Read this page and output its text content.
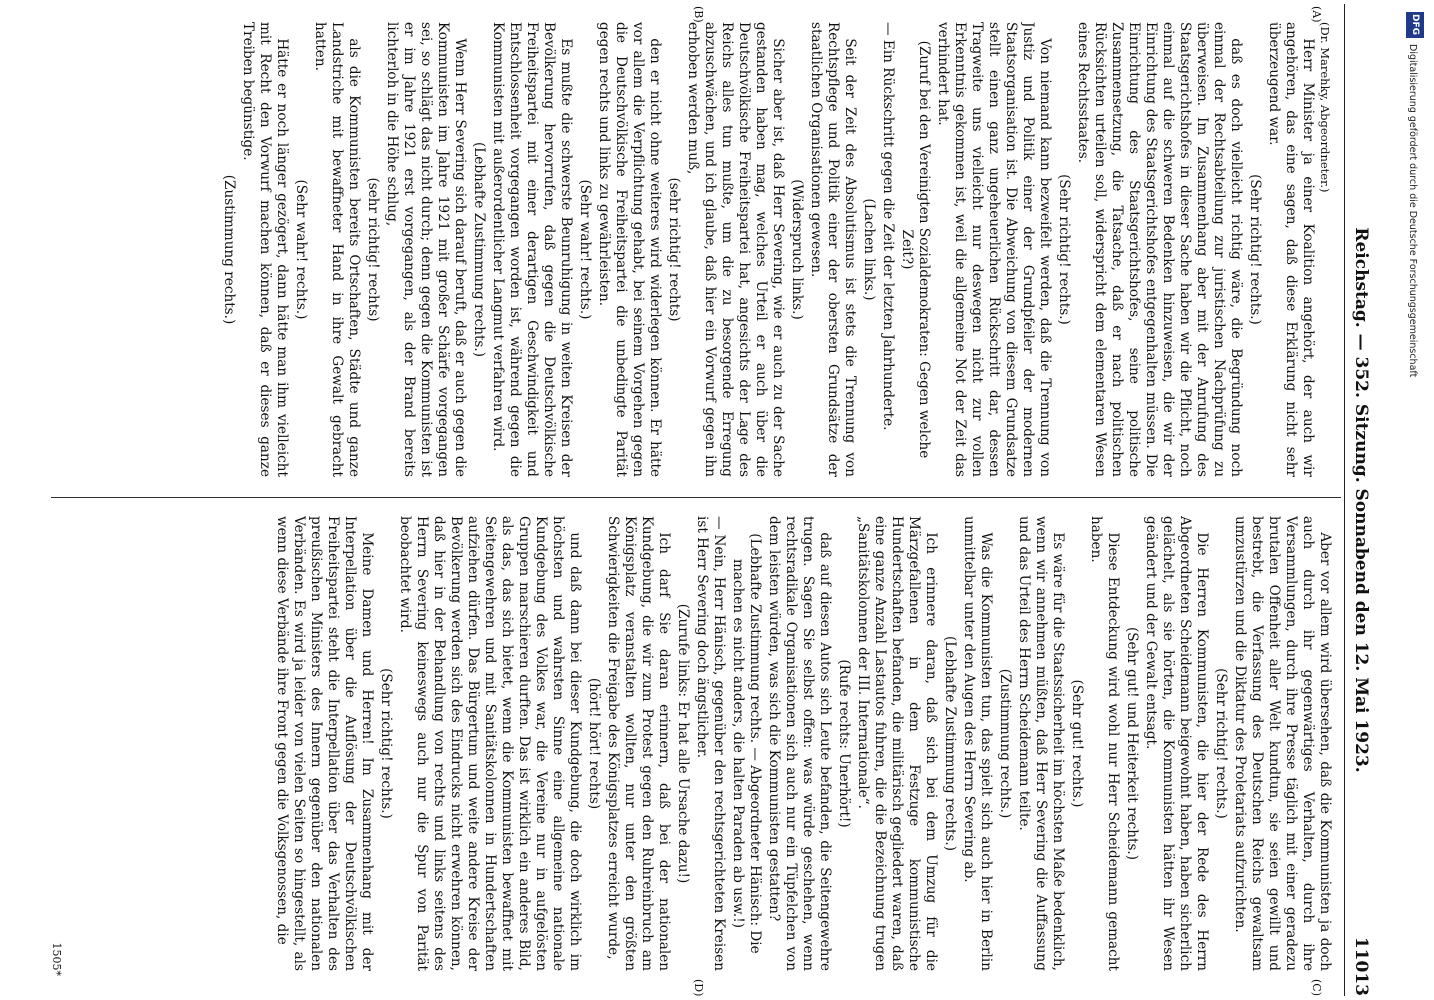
DFG
Digitalisierung gefördert durch die Deutsche Forschungsgemeinschaft
Reichstag. — 352. Sitzung. Sonnabend den 12. Mai 1923.
11013
(A)
(B)
(C)
(D)
(Dr. Marehky, Abgeordneter.)

Herr Minister ja einer Koalition angehört, der auch wir angehören, das eine sagen, daß diese Erklärung nicht sehr überzeugend war.

(Sehr richtig! rechts.)

daß es doch vielleicht richtig wäre, die Begründung noch einmal der Rechtsabteilung zur juristischen Nachprüfung zu überweisen. Im Zusammenhang aber mit der Anrufung des Staatsgerichtshofes in dieser Sache haben wir die Pflicht, noch einmal auf die schweren Bedenken hinzuweisen, die wir der Einrichtung des Staatsgerichtshofes entgegenhalten müssen. Die Einrichtung des Staatsgerichtshofes, seine politische Zusammensetzung, die Tatsache, daß er nach politischen Rücksichten urteilen soll, widerspricht dem elementaren Wesen eines Rechtsstaates.

(Sehr richtig! rechts.)

Von niemand kann bezweifelt werden, daß die Trennung von Justiz und Politik einer der Grundpfeiler der modernen Staatsorganisation ist. Die Abweichung von diesem Grundsatze stellt einen ganz ungeheuerlichen Rückschritt dar, dessen Tragweite uns vielleicht nur deswegen nicht zur vollen Erkenntnis gekommen ist, weil die allgemeine Not der Zeit das verhindert hat.

(Zuruf bei den Vereinigten Sozialdemokraten: Gegen welche Zeit?)

— Ein Rückschritt gegen die Zeit der letzten Jahrhunderte.

(Lachen links.)

Seit der Zeit des Absolutismus ist stets die Trennung von Rechtspflege und Politik einer der obersten Grundsätze der staatlichen Organisationen gewesen.

(Widerspruch links.)

Sicher aber ist, daß Herr Severing, wie er auch zu der Sache gestanden haben mag, welches Urteil er auch über die Deutschvölkische Freiheitspartei hat, angesichts der Lage des Reichs alles tun mußte, um die zu besorgende Erregung abzuschwächen, und ich glaube, daß hier ein Vorwurf gegen ihn erhoben werden muß,

(sehr richtig! rechts)

den er nicht ohne weiteres wird widerlegen können. Er hätte vor allem die Verpflichtung gehabt, bei seinem Vorgehen gegen die Deutschvölkische Freiheitspartei die unbedingte Parität gegen rechts und links zu gewährleisten.

(Sehr wahr! rechts.)

Es mußte die schwerste Beunruhigung in weiten Kreisen der Bevölkerung hervorrufen, daß gegen die Deutschvölkische Freiheitspartei mit einer derartigen Geschwindigkeit und Entschlossenheit vorgegangen worden ist, während gegen die Kommunisten mit außerordentlicher Langmut verfahren wird.

(Lebhafte Zustimmung rechts.)

Wenn Herr Severing sich darauf beruft, daß er auch gegen die Kommunisten im Jahre 1921 mit großer Schärfe vorgegangen sei, so schlägt das nicht durch; denn gegen die Kommunisten ist er im Jahre 1921 erst vorgegangen, als der Brand bereits lichterloh in die Höhe schlug,

(sehr richtig! rechts)

als die Kommunisten bereits Ortschaften, Städte und ganze Landstriche mit bewaffneter Hand in ihre Gewalt gebracht hatten.

(Sehr wahr! rechts.)

Hätte er noch länger gezögert, dann hätte man ihm vielleicht mit Recht den Vorwurf machen können, daß er dieses ganze Treiben begünstige.

(Zustimmung rechts.)

Aber vor allem wird übersehen, daß die Kommunisten ja doch auch durch ihr gegenwärtiges Verhalten, durch ihre Versammlungen, durch ihre Presse täglich mit einer geradezu brutalen Offenheit aller Welt kundtun, sie seien gewillt und bestrebt, die Verfassung des Deutschen Reichs gewaltsam umzustürzen und die Diktatur des Proletariats aufzurichten.

(Sehr richtig! rechts.)

Die Herren Kommunisten, die hier der Rede des Herrn Abgeordneten Scheidemann beigewohnt haben, haben sicherlich gelächelt, als sie hörten, die Kommunisten hätten ihr Wesen geändert und der Gewalt entsagt.

(Sehr gut! und Heiterkeit rechts.)

Diese Entdeckung wird wohl nur Herr Scheidemann gemacht haben.

(Sehr gut! rechts.)

Es wäre für die Staatssicherheit im höchsten Maße bedenklich, wenn wir annehmen müßten, daß Herr Severing die Auffassung und das Urteil des Herrn Scheidemann teilte.

(Zustimmung rechts.)

Was die Kommunisten tun, das spielt sich auch hier in Berlin unmittelbar unter den Augen des Herrn Severing ab.

(Lebhafte Zustimmung rechts.)

Ich erinnere daran, daß sich bei dem Umzug für die Märzgefallenen in dem Festzuge kommunistische Hundertschaften befanden, die militärisch gegliedert waren, daß eine ganze Anzahl Lastautos fuhren, die die Bezeichnung trugen „Sanitätskolonnen der III. Internationale“.

(Rufe rechts: Unerhört!)

daß auf diesen Autos sich Leute befanden, die Seitengewehre trugen. Sagen Sie selbst offen: was würde geschehen, wenn rechtsradikale Organisationen sich auch nur ein Tüpfelchen von dem leisten würden, was sich die Kommunisten gestatten?

(Lebhafte Zustimmung rechts. — Abgeordneter Hänisch: Die machen es nicht anders, die halten Paraden ab usw.!)

— Nein, Herr Hänisch, gegenüber den rechtsgerichteten Kreisen ist Herr Severing doch ängstlicher.

(Zurufe links: Er hat alle Ursache dazu!)

Ich darf Sie daran erinnern, daß bei der nationalen Kundgebung, die wir zum Protest gegen den Ruhreinbruch am Königsplatz veranstalten wollten, nur unter den größten Schwierigkeiten die Freigabe des Königsplatzes erreicht wurde,

(hört! hört! rechts)

und daß dann bei dieser Kundgebung, die doch wirklich im höchsten und wahrsten Sinne eine allgemeine nationale Kundgebung des Volkes war, die Vereine nur in aufgelösten Gruppen marschieren durften. Das ist wirklich ein anderes Bild, als das, das sich bietet, wenn die Kommunisten bewaffnet mit Seitengewehren und mit Sanitätskolonnen in Hundertschaften aufziehen dürfen. Das Bürgertum und weite andere Kreise der Bevölkerung werden sich des Eindrucks nicht erwehren können, daß hier in der Behandlung von rechts und links seitens des Herrn Severing keineswegs auch nur die Spur von Parität beobachtet wird.

(Sehr richtig! rechts.)

Meine Damen und Herren! Im Zusammenhang mit der Interpellation über die Auflösung der Deutschvölkischen Freiheitspartei steht die Interpellation über das Verhalten des preußischen Ministers des Innern gegenüber den nationalen Verbänden. Es wird ja leider von vielen Seiten so hingestellt, als wenn diese Verbände ihre Front gegen die Volksgenossen, die

1505*
